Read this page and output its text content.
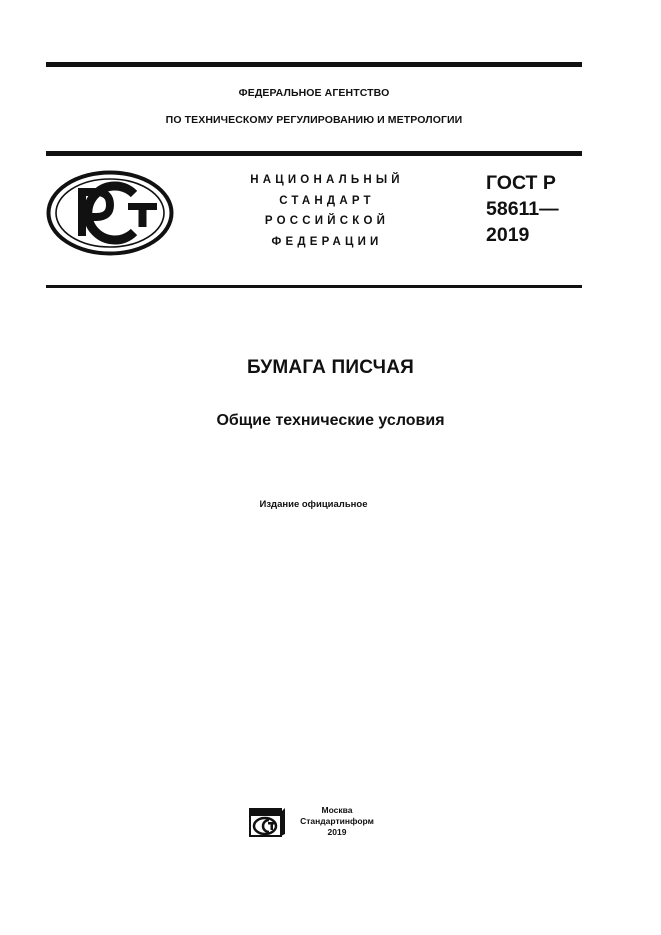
ФЕДЕРАЛЬНОЕ АГЕНТСТВО
ПО ТЕХНИЧЕСКОМУ РЕГУЛИРОВАНИЮ И МЕТРОЛОГИИ
НАЦИОНАЛЬНЫЙ
СТАНДАРТ
РОССИЙСКОЙ
ФЕДЕРАЦИИ
ГОСТ Р
58611—
2019
БУМАГА ПИСЧАЯ
Общие технические условия
Издание официальное
Москва
Стандартинформ
2019
